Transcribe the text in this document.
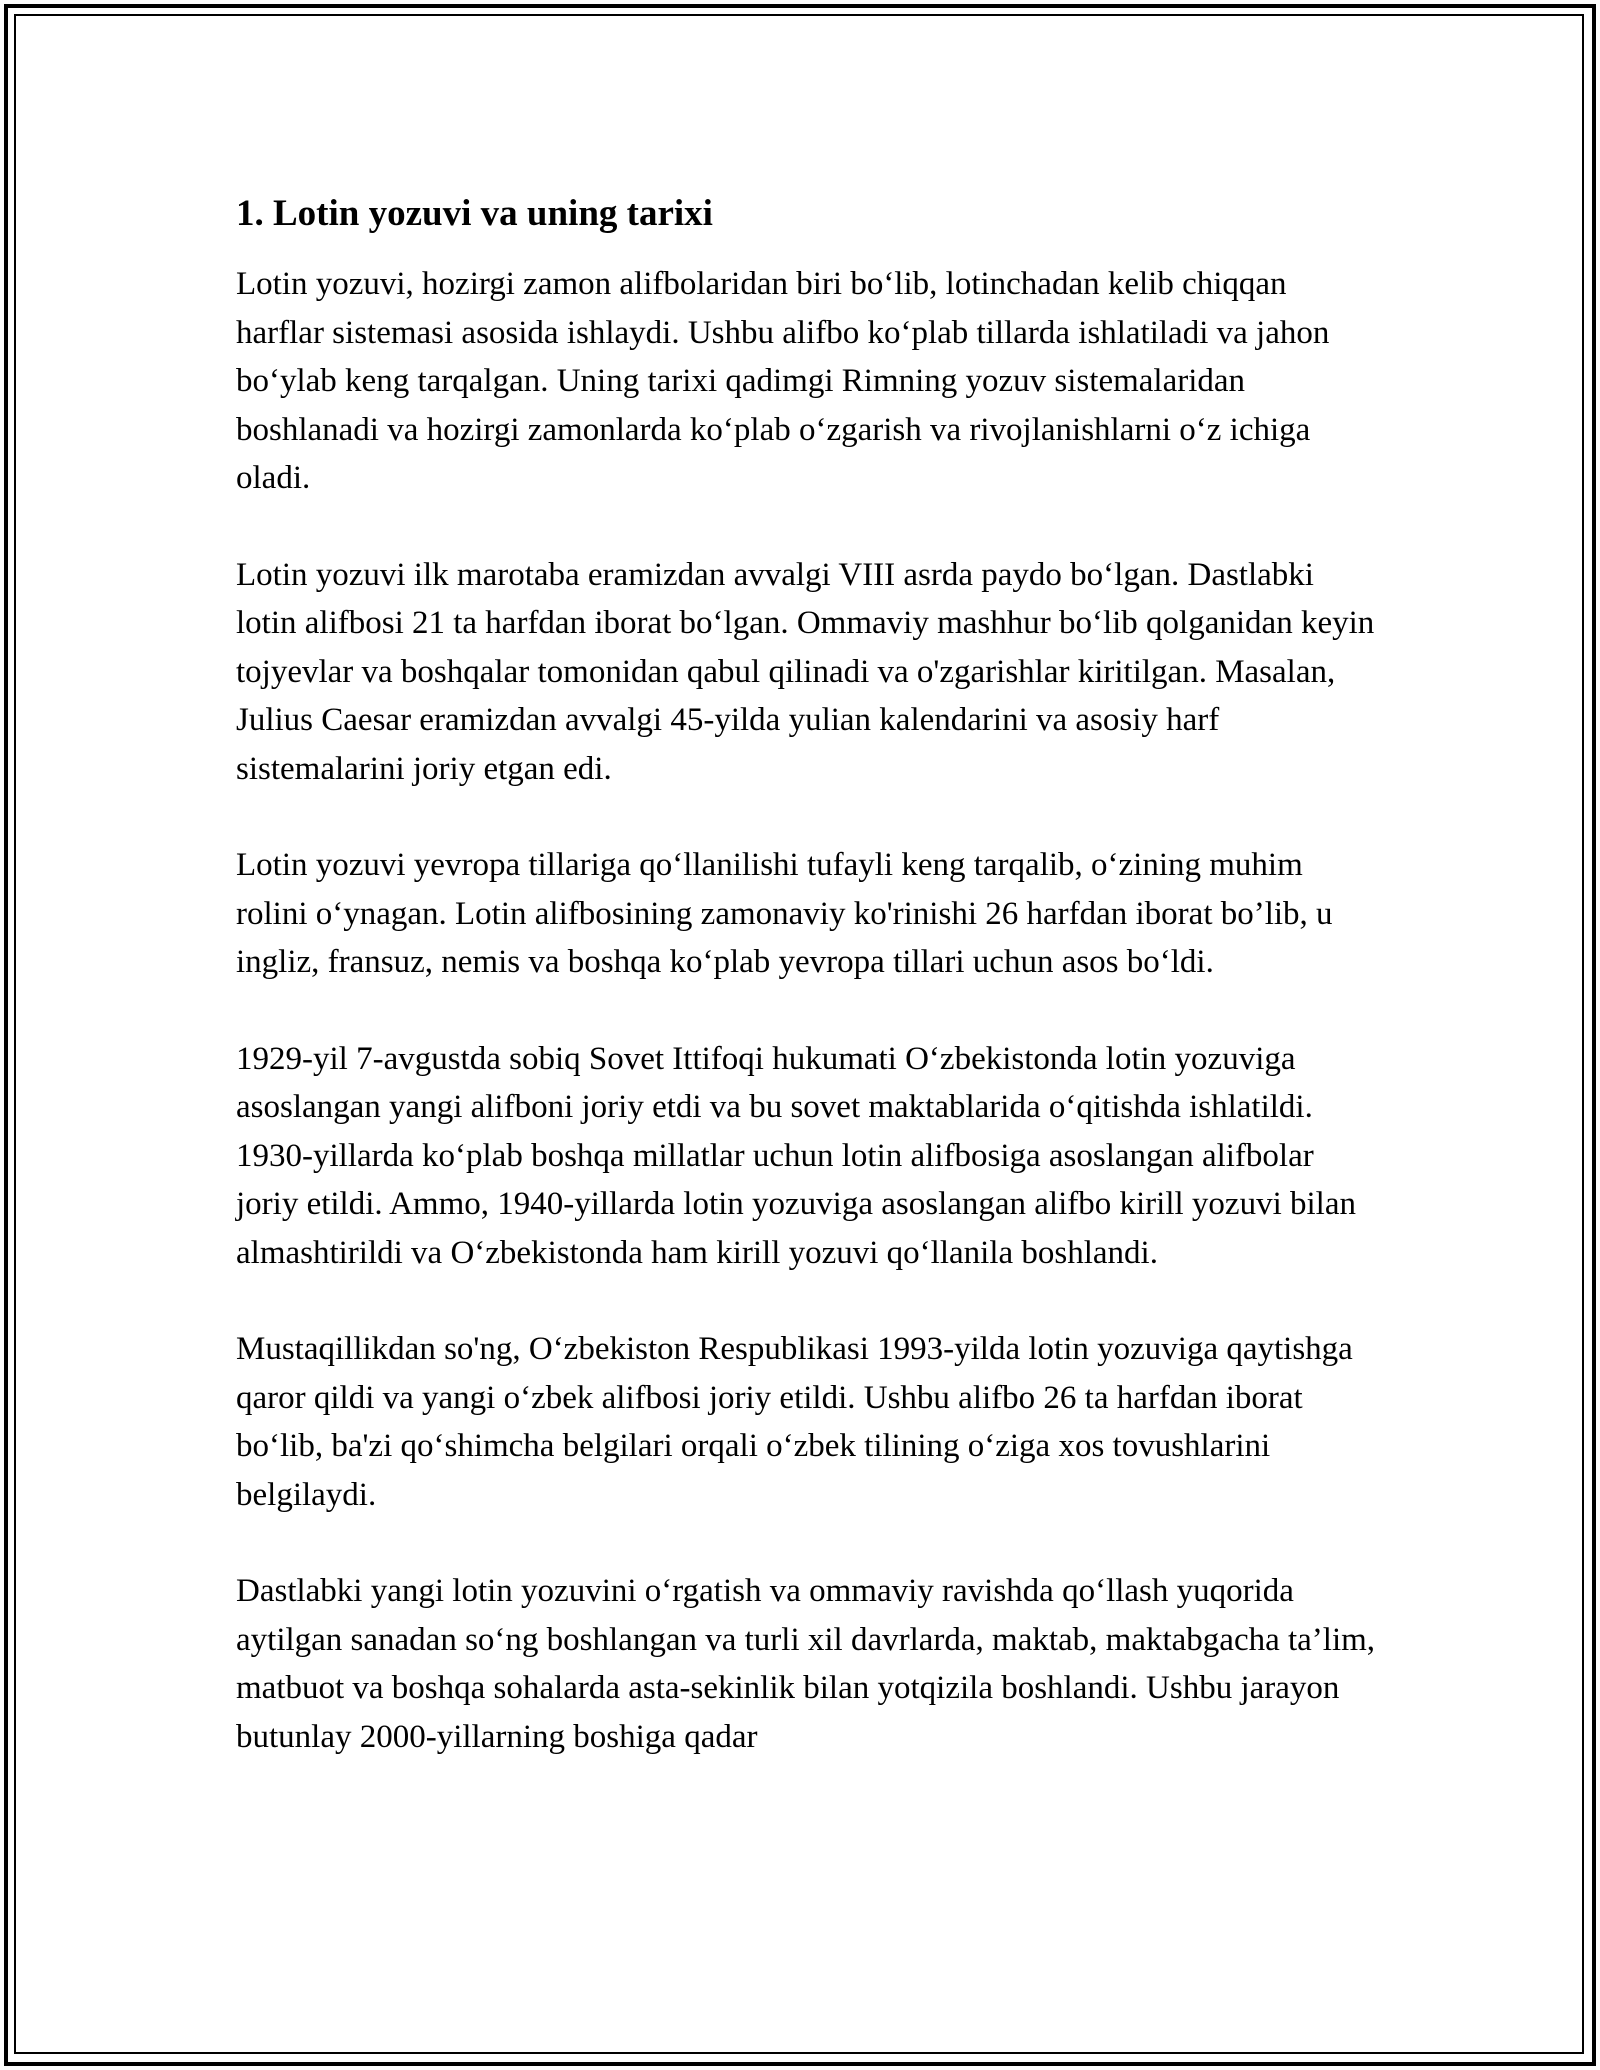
1. Lotin yozuvi va uning tarixi

Lotin yozuvi, hozirgi zamon alifbolaridan biri bo‘lib, lotinchadan kelib chiqqan harflar sistemasi asosida ishlaydi. Ushbu alifbo ko‘plab tillarda ishlatiladi va jahon bo‘ylab keng tarqalgan. Uning tarixi qadimgi Rimning yozuv sistemalaridan boshlanadi va hozirgi zamonlarda ko‘plab o‘zgarish va rivojlanishlarni o‘z ichiga oladi.

Lotin yozuvi ilk marotaba eramizdan avvalgi VIII asrda paydo bo‘lgan. Dastlabki lotin alifbosi 21 ta harfdan iborat bo‘lgan. Ommaviy mashhur bo‘lib qolganidan keyin tojyevlar va boshqalar tomonidan qabul qilinadi va o'zgarishlar kiritilgan. Masalan, Julius Caesar eramizdan avvalgi 45-yilda yulian kalendarini va asosiy harf sistemalarini joriy etgan edi.

Lotin yozuvi yevropa tillariga qo‘llanilishi tufayli keng tarqalib, o‘zining muhim rolini o‘ynagan. Lotin alifbosining zamonaviy ko'rinishi 26 harfdan iborat bo’lib, u ingliz, fransuz, nemis va boshqa ko‘plab yevropa tillari uchun asos bo‘ldi.

1929-yil 7-avgustda sobiq Sovet Ittifoqi hukumati O‘zbekistonda lotin yozuviga asoslangan yangi alifboni joriy etdi va bu sovet maktablarida o‘qitishda ishlatildi. 1930-yillarda ko‘plab boshqa millatlar uchun lotin alifbosiga asoslangan alifbolar joriy etildi. Ammo, 1940-yillarda lotin yozuviga asoslangan alifbo kirill yozuvi bilan almashtirildi va O‘zbekistonda ham kirill yozuvi qo‘llanila boshlandi.

Mustaqillikdan so'ng, O‘zbekiston Respublikasi 1993-yilda lotin yozuviga qaytishga qaror qildi va yangi o‘zbek alifbosi joriy etildi. Ushbu alifbo 26 ta harfdan iborat bo‘lib, ba'zi qo‘shimcha belgilari orqali o‘zbek tilining o‘ziga xos tovushlarini belgilaydi.

Dastlabki yangi lotin yozuvini o‘rgatish va ommaviy ravishda qo‘llash yuqorida aytilgan sanadan so‘ng boshlangan va turli xil davrlarda, maktab, maktabgacha ta’lim, matbuot va boshqa sohalarda asta-sekinlik bilan yotqizila boshlandi. Ushbu jarayon butunlay 2000-yillarning boshiga qadar
